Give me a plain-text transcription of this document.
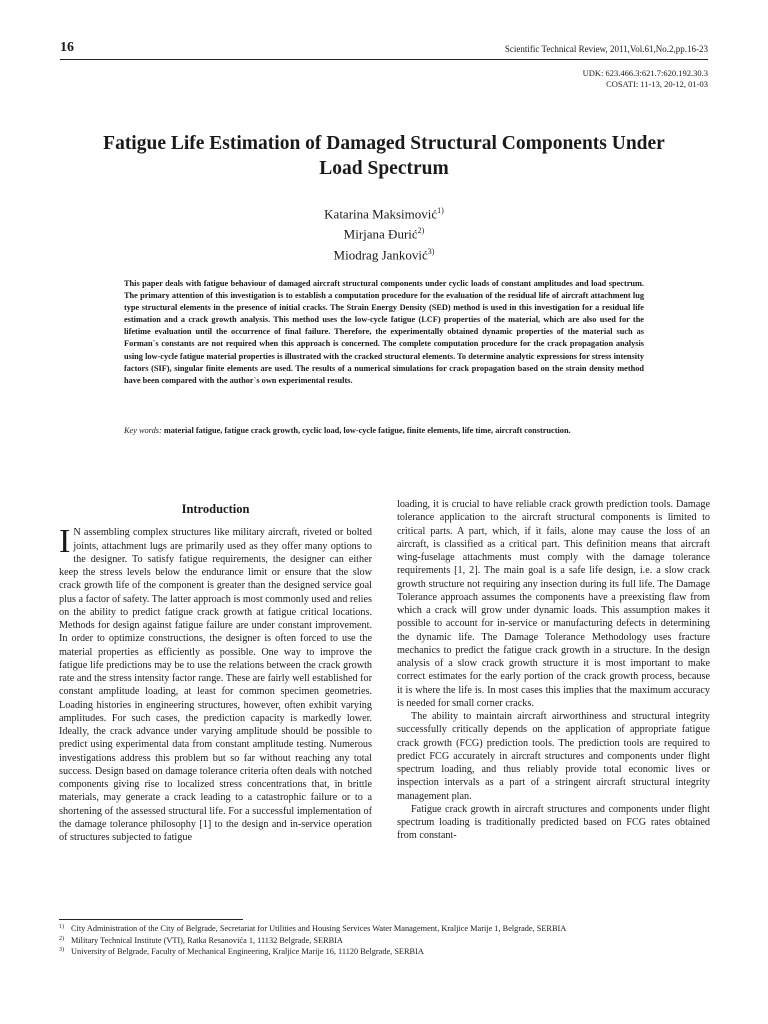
16	Scientific Technical Review, 2011,Vol.61,No.2,pp.16-23
UDK: 623.466.3:621.7:620.192.30.3
COSATI: 11-13, 20-12, 01-03
Fatigue Life Estimation of Damaged Structural Components Under Load Spectrum
Katarina Maksimović$^{1)}$
Mirjana Đurić$^{2)}$
Miodrag Janković$^{3)}$
This paper deals with fatigue behaviour of damaged aircraft structural components under cyclic loads of constant amplitudes and load spectrum. The primary attention of this investigation is to establish a computation procedure for the evaluation of the residual life of aircraft attachment lug type structural elements in the presence of initial cracks. The Strain Energy Density (SED) method is used in this investigation for a residual life estimation and a crack growth analysis. This method uses the low-cycle fatigue (LCF) properties of the material, which are also used for the lifetime evaluation until the occurrence of final failure. Therefore, the experimentally obtained dynamic properties of the material such as Forman`s constants are not required when this approach is concerned. The complete computation procedure for the crack propagation analysis using low-cycle fatigue material properties is illustrated with the cracked structural elements. To determine analytic expressions for stress intensity factors (SIF), singular finite elements are used. The results of a numerical simulations for crack propagation based on the strain density method have been compared with the author`s own experimental results.
Key words: material fatigue, fatigue crack growth, cyclic load, low-cycle fatigue, finite elements, life time, aircraft construction.
Introduction

I N assembling complex structures like military aircraft, riveted or bolted joints, attachment lugs are primarily used as they offer many options to the designer. To satisfy fatigue requirements, the designer can either keep the stress levels below the endurance limit or ensure that the slow crack growth life of the component is greater than the designed service goal plus a factor of safety. The latter approach is most commonly used and relies on the ability to predict fatigue crack growth at fatigue critical locations. Methods for design against fatigue failure are under constant improvement. In order to optimize constructions, the designer is often forced to use the material properties as efficiently as possible. One way to improve the fatigue life predictions may be to use the relations between the crack growth rate and the stress intensity factor range. These are fairly well established for constant amplitude loading, at least for common specimen geometries. Loading histories in engineering structures, however, often exhibit varying amplitudes. For such cases, the prediction capacity is markedly lower. Ideally, the crack advance under varying amplitude should be possible to predict using experimental data from constant amplitude testing. Numerous investigations address this problem but so far without reaching any total success. Design based on damage tolerance criteria often deals with notched components giving rise to localized stress concentrations that, in brittle materials, may generate a crack leading to a catastrophic failure or to a shortening of the assessed structural life. For a successful implementation of the damage tolerance philosophy [1] to the design and in-service operation of structures subjected to fatigue

loading, it is crucial to have reliable crack growth prediction tools. Damage tolerance application to the aircraft structural components is limited to critical parts. A part, which, if it fails, alone may cause the loss of an aircraft, is classified as a critical part. This definition means that aircraft wing-fuselage attachments must comply with the damage tolerance requirements [1, 2]. The main goal is a safe life design, i.e. a slow crack growth structure not requiring any insection during its full life. The Damage Tolerance approach assumes the components have a preexisting flaw from which a crack will grow under dynamic loads. This assumption makes it possible to account for in-service or manufacturing defects in determining the dynamic life. The Damage Tolerance Methodology uses fracture mechanics to predict the fatigue crack growth in a structure. In the design analysis of a slow crack growth structure it is most important to make correct estimates for the early portion of the crack growth process, because it is where the life is. In most cases this implies that the maximum accuracy is needed for small corner cracks.

The ability to maintain aircraft airworthiness and structural integrity successfully critically depends on the application of appropriate fatigue crack growth (FCG) prediction tools. The prediction tools are required to predict FCG accurately in aircraft structures and components under flight spectrum loading, and thus reliably provide total economic lives or inspection intervals as a part of a stringent aircraft structural integrity management plan.

Fatigue crack growth in aircraft structures and components under flight spectrum loading is traditionally predicted based on FCG rates obtained from constant-

1) City Administration of the City of Belgrade, Secretariat for Utilities and Housing Services Water Management, Kraljice Marije 1, Belgrade, SERBIA
2) Military Technical Institute (VTI), Ratka Resanovića 1, 11132 Belgrade, SERBIA
3) University of Belgrade, Faculty of Mechanical Engineering, Kraljice Marije 16, 11120 Belgrade, SERBIA
